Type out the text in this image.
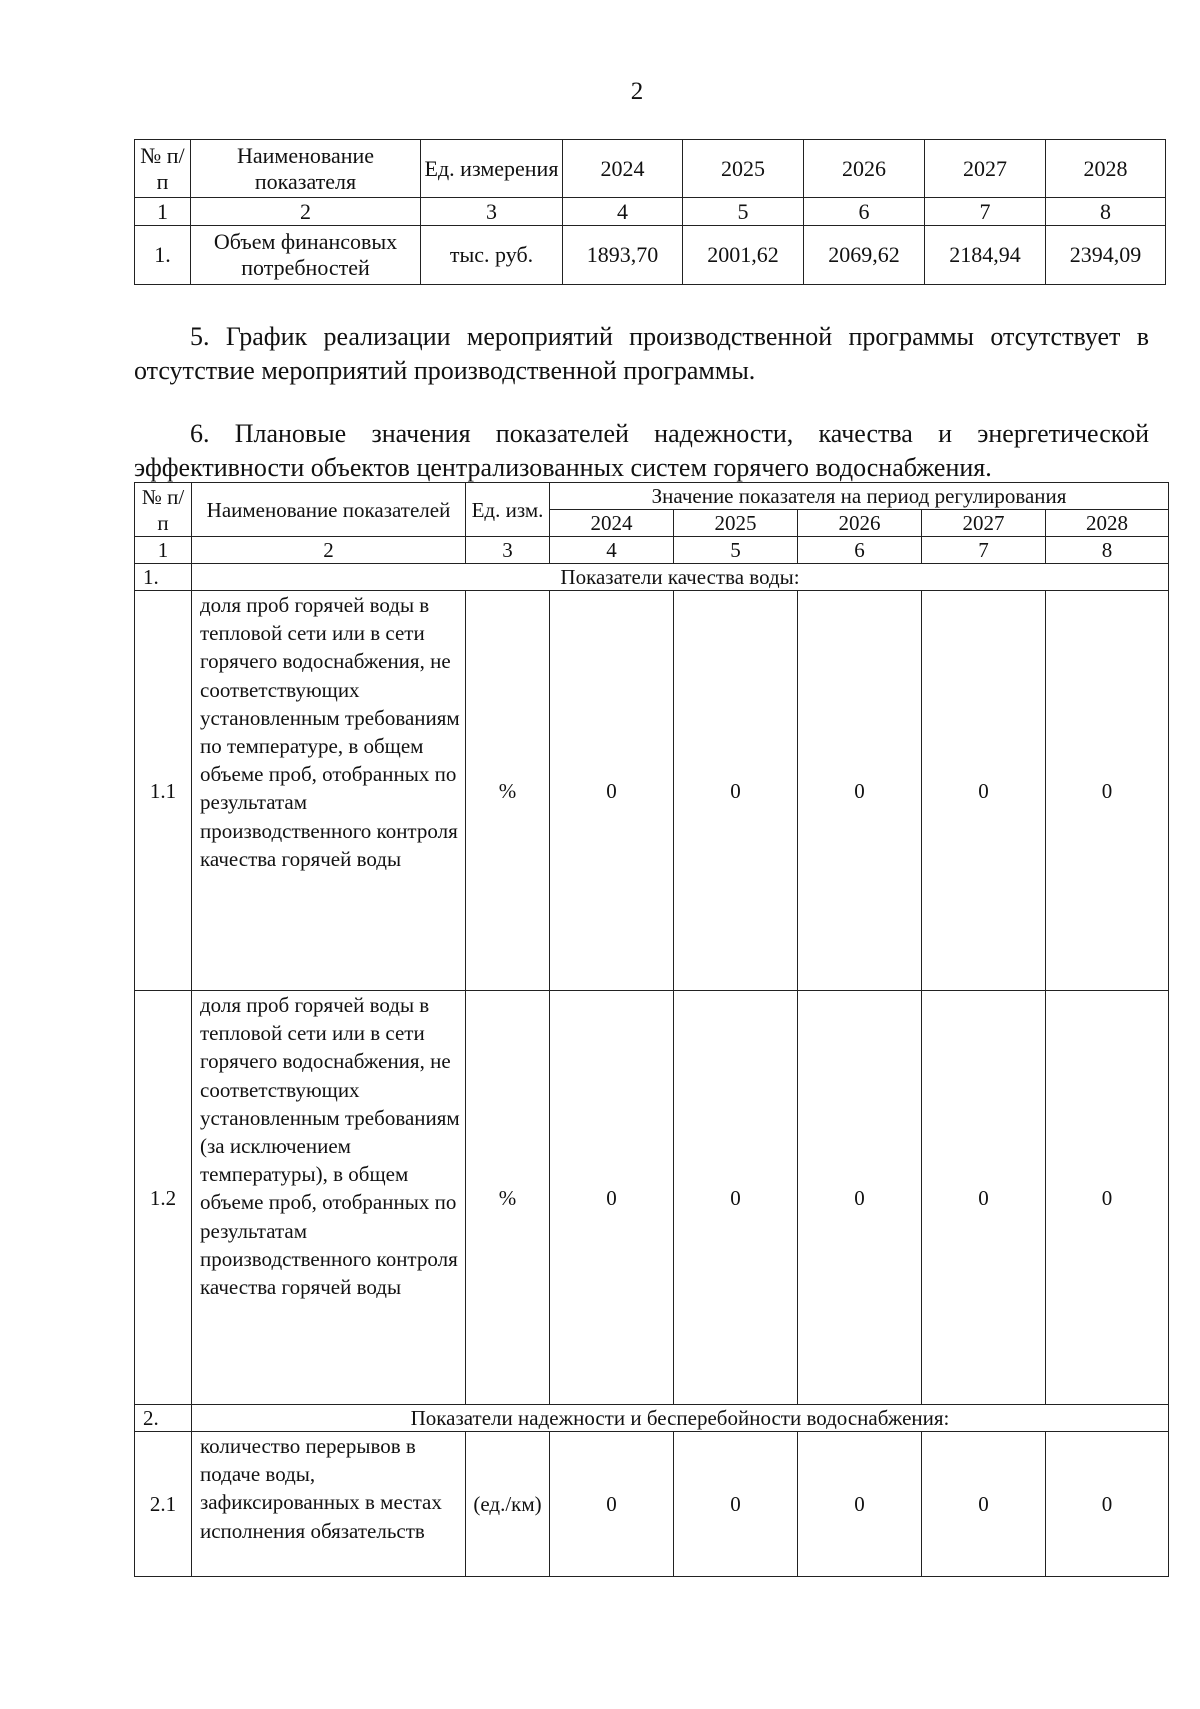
2
№ п/п	Наименование показателя	Ед. измерения	2024	2025	2026	2027	2028
1	2	3	4	5	6	7	8
1.	Объем финансовых потребностей	тыс. руб.	1893,70	2001,62	2069,62	2184,94	2394,09
5. График реализации мероприятий производственной программы отсутствует в отсутствие мероприятий производственной программы.
6. Плановые значения показателей надежности, качества и энергетической эффективности объектов централизованных систем горячего водоснабжения.
№ п/п	Наименование показателей	Ед. изм.	Значение показателя на период регулирования				
			2024	2025	2026	2027	2028
1	2	3	4	5	6	7	8
1.	Показатели качества воды:						
1.1	доля проб горячей воды в тепловой сети или в сети горячего водоснабжения, не соответствующих установленным требованиям по температуре, в общем объеме проб, отобранных по результатам производственного контроля качества горячей воды	%	0	0	0	0	0
1.2	доля проб горячей воды в тепловой сети или в сети горячего водоснабжения, не соответствующих установленным требованиям (за исключением температуры), в общем объеме проб, отобранных по результатам производственного контроля качества горячей воды	%	0	0	0	0	0
2.	Показатели надежности и бесперебойности водоснабжения:						
2.1	количество перерывов в подаче воды, зафиксированных в местах исполнения обязательств	(ед./км)	0	0	0	0	0
